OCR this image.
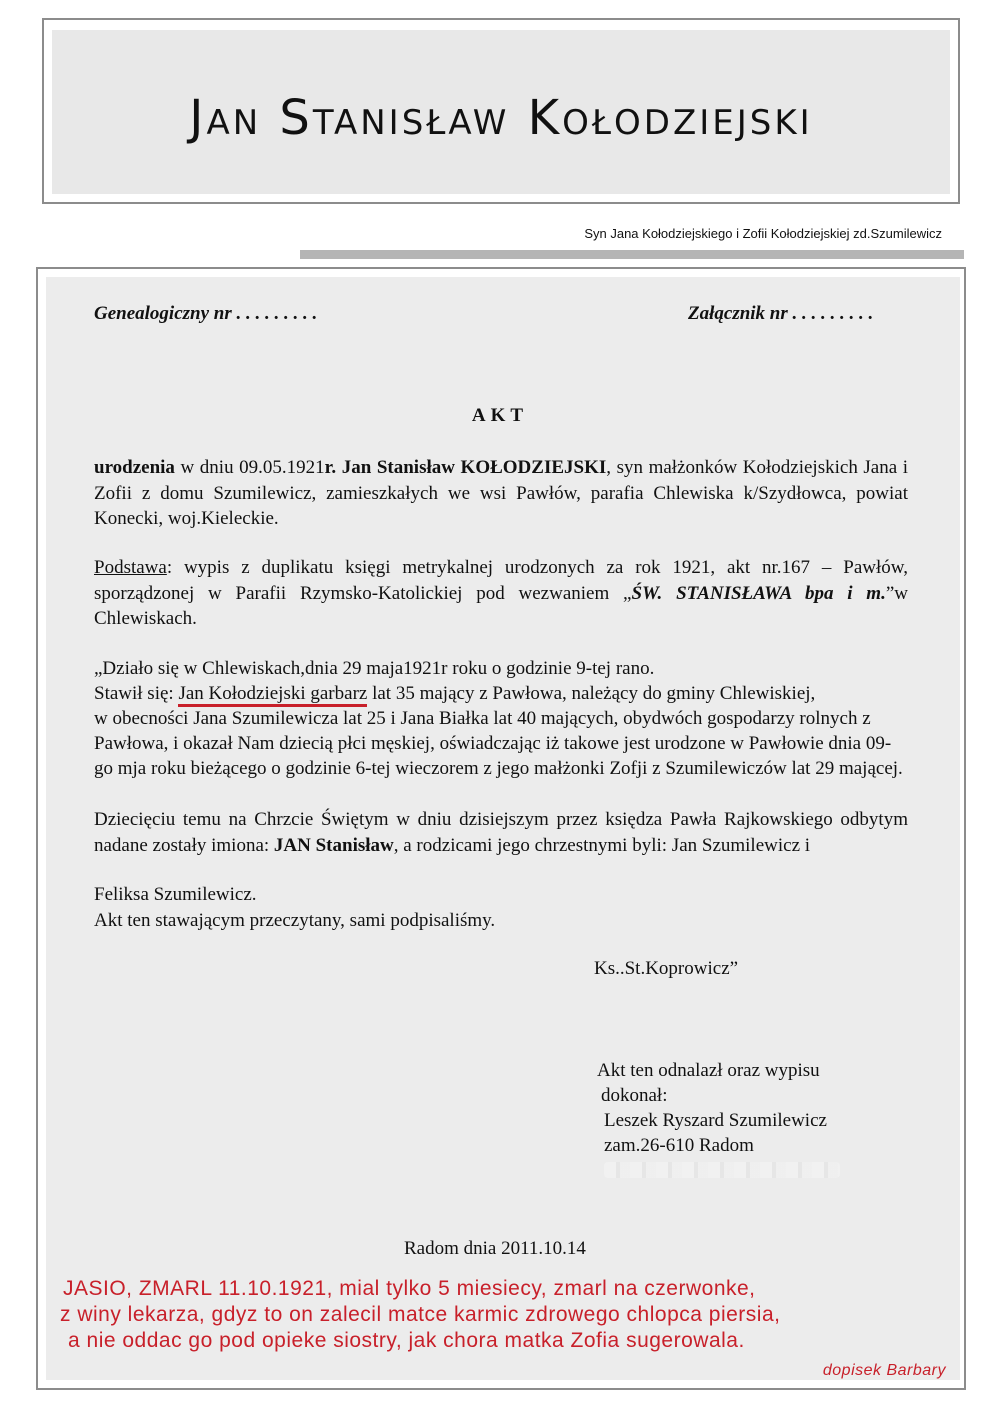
Jan Stanisław Kołodziejski
Syn Jana Kołodziejskiego i Zofii Kołodziejskiej zd.Szumilewicz
Genealogiczny nr . . . . . . . . .	Załącznik nr . . . . . . . . .
AKT
urodzenia w dniu 09.05.1921r. Jan Stanisław KOŁODZIEJSKI, syn małżonków Kołodziejskich Jana i Zofii z domu Szumilewicz, zamieszkałych we wsi Pawłów, parafia Chlewiska k/Szydłowca, powiat Konecki, woj.Kieleckie.
Podstawa: wypis z duplikatu księgi metrykalnej urodzonych za rok 1921, akt nr.167 – Pawłów, sporządzonej w Parafii Rzymsko-Katolickiej pod wezwaniem „ŚW. STANISŁAWA bpa i m.”w Chlewiskach.
„Działo się w Chlewiskach,dnia 29 maja1921r roku o godzinie 9-tej rano.
Stawił się: Jan Kołodziejski garbarz lat 35 mający z Pawłowa, należący do gminy Chlewiskiej,
w obecności Jana Szumilewicza lat 25 i Jana Białka lat 40 mających, obydwóch gospodarzy rolnych z Pawłowa, i okazał Nam dziecią płci męskiej, oświadczając iż takowe jest urodzone w Pawłowie dnia 09-go mja roku bieżącego o godzinie 6-tej wieczorem z jego małżonki Zofji z Szumilewiczów lat 29 mającej.
Dziecięciu temu na Chrzcie Świętym w dniu dzisiejszym przez księdza Pawła Rajkowskiego odbytym nadane zostały imiona: JAN Stanisław, a rodzicami jego chrzestnymi byli: Jan Szumilewicz i
Feliksa Szumilewicz.
Akt ten stawającym przeczytany, sami podpisaliśmy.
Ks..St.Koprowicz”
Akt ten odnalazł oraz wypisu
dokonał:
Leszek Ryszard Szumilewicz
zam.26-610 Radom
Radom dnia 2011.10.14
JASIO, ZMARL 11.10.1921, mial tylko 5 miesiecy, zmarl na czerwonke,
z winy lekarza, gdyz to on zalecil matce karmic zdrowego chlopca piersia,
a nie oddac go pod opieke siostry, jak chora matka Zofia sugerowala.
dopisek Barbary
